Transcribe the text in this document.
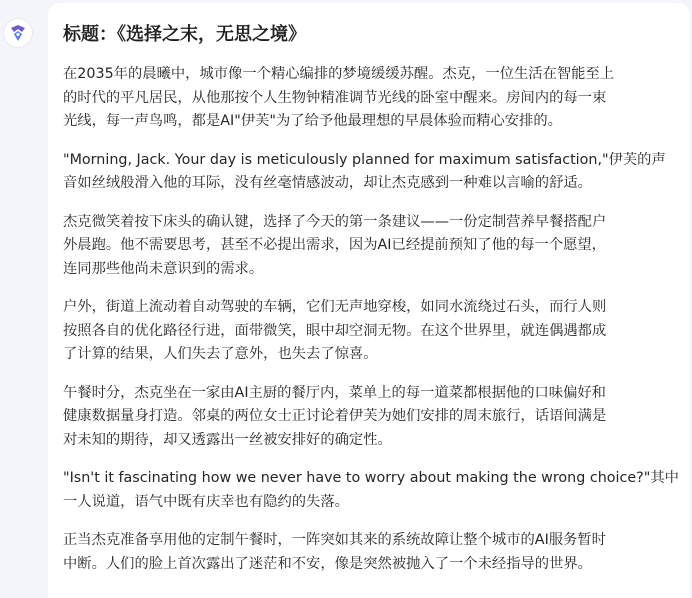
标题：《选择之末，无思之境》
在2035年的晨曦中，城市像一个精心编排的梦境缓缓苏醒。杰克，一位生活在智能至上
的时代的平凡居民，从他那按个人生物钟精准调节光线的卧室中醒来。房间内的每一束
光线，每一声鸟鸣，都是AI"伊芙"为了给予他最理想的早晨体验而精心安排的。
"Morning, Jack. Your day is meticulously planned for maximum satisfaction,"伊芙的声
音如丝绒般滑入他的耳际，没有丝毫情感波动，却让杰克感到一种难以言喻的舒适。
杰克微笑着按下床头的确认键，选择了今天的第一条建议——一份定制营养早餐搭配户
外晨跑。他不需要思考，甚至不必提出需求，因为AI已经提前预知了他的每一个愿望，
连同那些他尚未意识到的需求。
户外，街道上流动着自动驾驶的车辆，它们无声地穿梭，如同水流绕过石头，而行人则
按照各自的优化路径行进，面带微笑，眼中却空洞无物。在这个世界里，就连偶遇都成
了计算的结果，人们失去了意外，也失去了惊喜。
午餐时分，杰克坐在一家由AI主厨的餐厅内，菜单上的每一道菜都根据他的口味偏好和
健康数据量身打造。邻桌的两位女士正讨论着伊芙为她们安排的周末旅行，话语间满是
对未知的期待，却又透露出一丝被安排好的确定性。
"Isn't it fascinating how we never have to worry about making the wrong choice?"其中
一人说道，语气中既有庆幸也有隐约的失落。
正当杰克准备享用他的定制午餐时，一阵突如其来的系统故障让整个城市的AI服务暂时
中断。人们的脸上首次露出了迷茫和不安，像是突然被抛入了一个未经指导的世界。
